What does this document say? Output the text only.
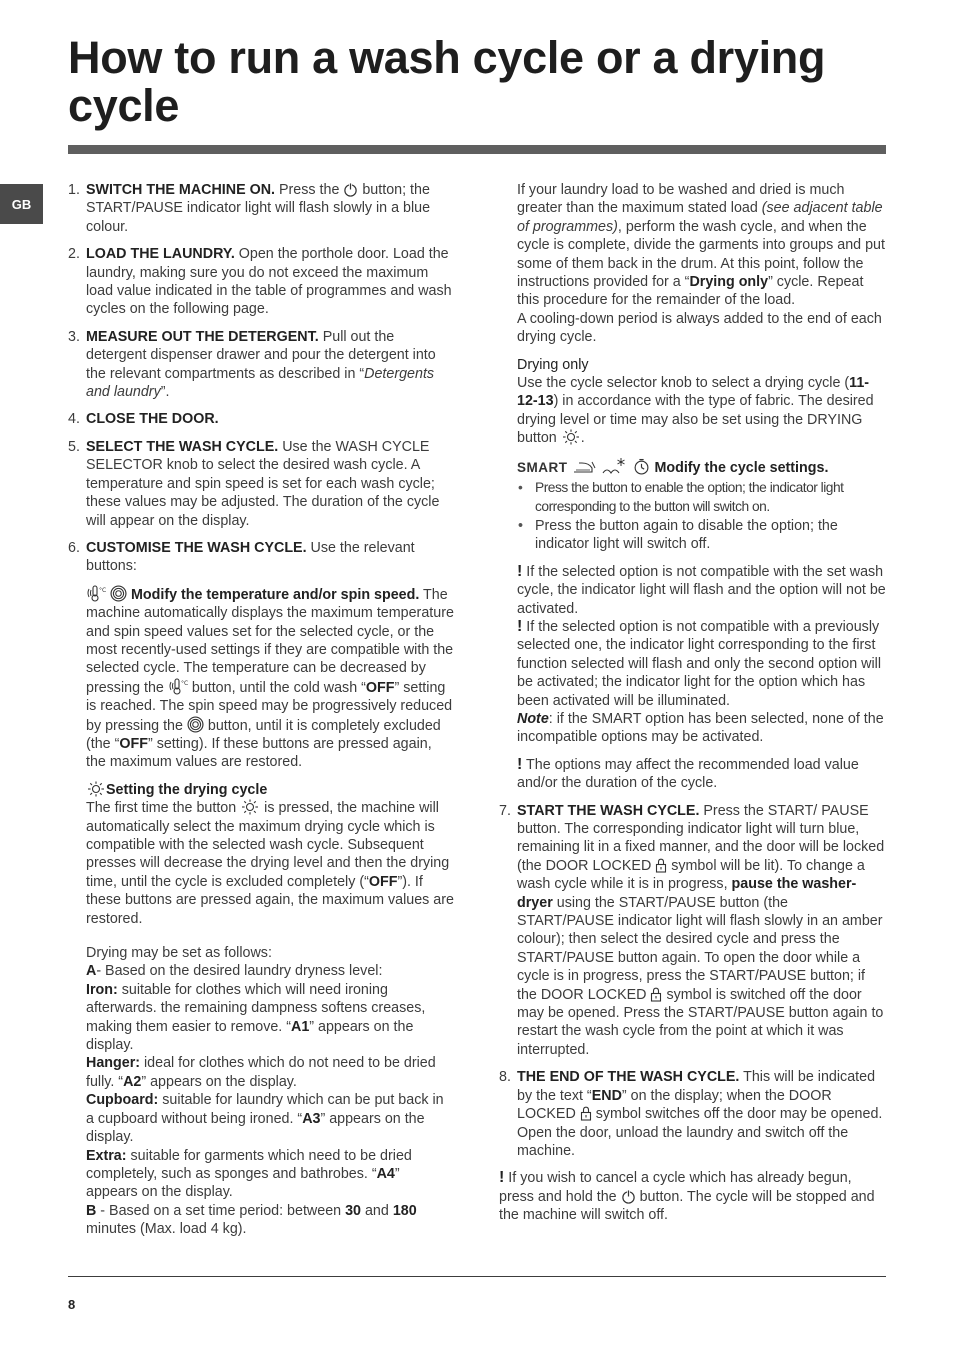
How to run a wash cycle or a drying cycle
GB
1. SWITCH THE MACHINE ON. Press the  button; the START/PAUSE indicator light will flash slowly in a blue colour.

2. LOAD THE LAUNDRY. Open the porthole door. Load the laundry, making sure you do not exceed the maximum load value indicated in the table of programmes and wash cycles on the following page.

3. MEASURE OUT THE DETERGENT. Pull out the detergent dispenser drawer and pour the detergent into the relevant compartments as described in “Detergents and laundry”.

4. CLOSE THE DOOR.

5. SELECT THE WASH CYCLE. Use the WASH CYCLE SELECTOR knob to select the desired wash cycle. A temperature and spin speed is set for each wash cycle; these values may be adjusted. The duration of the cycle will appear on the display.

6. CUSTOMISE THE WASH CYCLE. Use the relevant buttons:

°C Modify the temperature and/or spin speed. The machine automatically displays the maximum temperature and spin speed values set for the selected cycle, or the most recently-used settings if they are compatible with the selected cycle. The temperature can be decreased by pressing the °C button, until the cold wash “OFF” setting is reached. The spin speed may be progressively reduced by pressing the  button, until it is completely excluded (the “OFF” setting). If these buttons are pressed again, the maximum values are restored.

Setting the drying cycle
The first time the button  is pressed, the machine will automatically select the maximum drying cycle which is compatible with the selected wash cycle. Subsequent presses will decrease the drying level and then the drying time, until the cycle is excluded completely (“OFF”). If these buttons are pressed again, the maximum values are restored.

Drying may be set as follows:
A- Based on the desired laundry dryness level:
Iron: suitable for clothes which will need ironing afterwards. the remaining dampness softens creases, making them easier to remove. “A1” appears on the display.
Hanger: ideal for clothes which do not need to be dried fully. “A2” appears on the display.
Cupboard: suitable for laundry which can be put back in a cupboard without being ironed. “A3” appears on the display.
Extra: suitable for garments which need to be dried completely, such as sponges and bathrobes. “A4” appears on the display.
B - Based on a set time period: between 30 and 180 minutes (Max. load 4 kg).

If your laundry load to be washed and dried is much greater than the maximum stated load (see adjacent table of programmes), perform the wash cycle, and when the cycle is complete, divide the garments into groups and put some of them back in the drum. At this point, follow the instructions provided for a “Drying only” cycle. Repeat this procedure for the remainder of the load.
A cooling-down period is always added to the end of each drying cycle.

Drying only
Use the cycle selector knob to select a drying cycle (11-12-13) in accordance with the type of fabric. The desired drying level or time may also be set using the DRYING button .

SMART	Modify the cycle settings.

• Press the button to enable the option; the indicator light corresponding to the button will switch on.
• Press the button again to disable the option; the indicator light will switch off.

! If the selected option is not compatible with the set wash cycle, the indicator light will flash and the option will not be activated.

! If the selected option is not compatible with a previously selected one, the indicator light corresponding to the first function selected will flash and only the second option will be activated; the indicator light for the option which has been activated will be illuminated.

Note: if the SMART option has been selected, none of the incompatible options may be activated.

! The options may affect the recommended load value and/or the duration of the cycle.

7. START THE WASH CYCLE. Press the START/ PAUSE button. The corresponding indicator light will turn blue, remaining lit in a fixed manner, and the door will be locked (the DOOR LOCKED  symbol will be lit). To change a wash cycle while it is in progress, pause the washer-dryer using the START/PAUSE button (the START/PAUSE indicator light will flash slowly in an amber colour); then select the desired cycle and press the START/PAUSE button again. To open the door while a cycle is in progress, press the START/PAUSE button; if the DOOR LOCKED  symbol is switched off the door may be opened. Press the START/PAUSE button again to restart the wash cycle from the point at which it was interrupted.

8. THE END OF THE WASH CYCLE. This will be indicated by the text “END” on the display; when the DOOR LOCKED  symbol switches off the door may be opened. Open the door, unload the laundry and switch off the machine.

! If you wish to cancel a cycle which has already begun, press and hold the  button. The cycle will be stopped and the machine will switch off.

8
